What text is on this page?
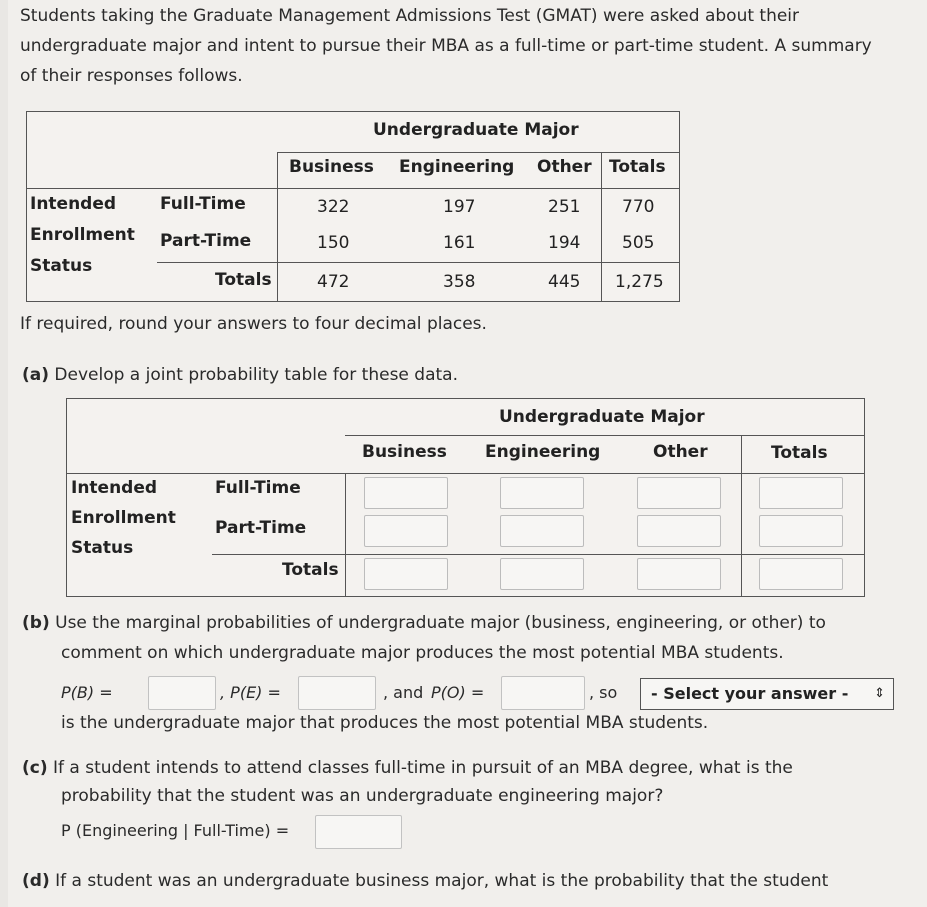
Students taking the Graduate Management Admissions Test (GMAT) were asked about their
undergraduate major and intent to pursue their MBA as a full-time or part-time student. A summary
of their responses follows.
Undergraduate Major
Business Engineering Other Totals
Intended
Enrollment
Status
Full-Time	322	197	251 770
Part-Time	150	161	194 505
Totals	472	358	445 1,275
If required, round your answers to four decimal places.
(a) Develop a joint probability table for these data.
Undergraduate Major
Business Engineering	Other	Totals
Intended
Enrollment
Status
Full-Time
Part-Time
Totals
(b) Use the marginal probabilities of undergraduate major (business, engineering, or other) to
comment on which undergraduate major produces the most potential MBA students.
P(B) =	, P(E) =	, and P(O) =	, so	- Select your answer - ⇕
is the undergraduate major that produces the most potential MBA students.
(c) If a student intends to attend classes full-time in pursuit of an MBA degree, what is the
probability that the student was an undergraduate engineering major?
P (Engineering | Full-Time) =
(d) If a student was an undergraduate business major, what is the probability that the student
